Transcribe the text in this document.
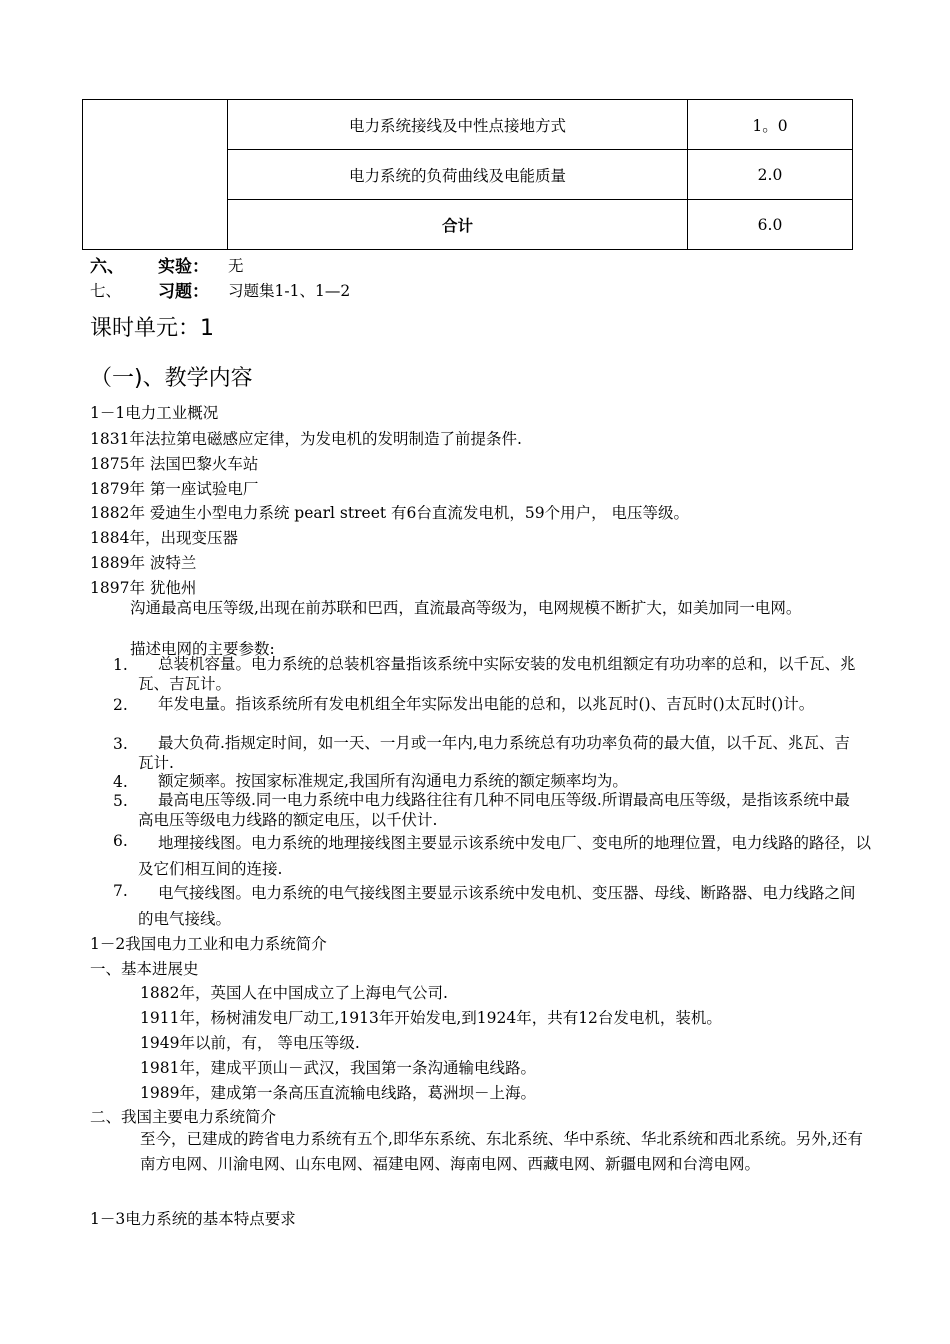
	电力系统接线及中性点接地方式	1。0
	电力系统的负荷曲线及电能质量	2.0
	合计	6.0
六、 实验： 无
七、 习题： 习题集1-1、1—2
课时单元：1
（一)、教学内容
1－1电力工业概况
1831年法拉第电磁感应定律，为发电机的发明制造了前提条件.
1875年 法国巴黎火车站
1879年 第一座试验电厂
1882年 爱迪生小型电力系统 pearl street 有6台直流发电机，59个用户， 电压等级。
1884年，出现变压器
1889年 波特兰
1897年 犹他州
沟通最高电压等级,出现在前苏联和巴西，直流最高等级为，电网规模不断扩大，如美加同一电网。
描述电网的主要参数:
1.	总装机容量。电力系统的总装机容量指该系统中实际安装的发电机组额定有功功率的总和，以千瓦、兆瓦、吉瓦计。
2.	年发电量。指该系统所有发电机组全年实际发出电能的总和，以兆瓦时()、吉瓦时()太瓦时()计。
3.	最大负荷.指规定时间，如一天、一月或一年内,电力系统总有功功率负荷的最大值，以千瓦、兆瓦、吉瓦计.
4.	额定频率。按国家标准规定,我国所有沟通电力系统的额定频率均为。
5.	最高电压等级.同一电力系统中电力线路往往有几种不同电压等级.所谓最高电压等级，是指该系统中最高电压等级电力线路的额定电压，以千伏计.
6.	地理接线图。电力系统的地理接线图主要显示该系统中发电厂、变电所的地理位置，电力线路的路径，以及它们相互间的连接.
7.	电气接线图。电力系统的电气接线图主要显示该系统中发电机、变压器、母线、断路器、电力线路之间的电气接线。
1－2我国电力工业和电力系统简介
一、基本进展史
1882年，英国人在中国成立了上海电气公司.
1911年，杨树浦发电厂动工,1913年开始发电,到1924年，共有12台发电机，装机。
1949年以前，有， 等电压等级.
1981年，建成平顶山－武汉，我国第一条沟通输电线路。
1989年，建成第一条高压直流输电线路，葛洲坝－上海。
二、我国主要电力系统简介
至今，已建成的跨省电力系统有五个,即华东系统、东北系统、华中系统、华北系统和西北系统。另外,还有南方电网、川渝电网、山东电网、福建电网、海南电网、西藏电网、新疆电网和台湾电网。
1－3电力系统的基本特点要求
